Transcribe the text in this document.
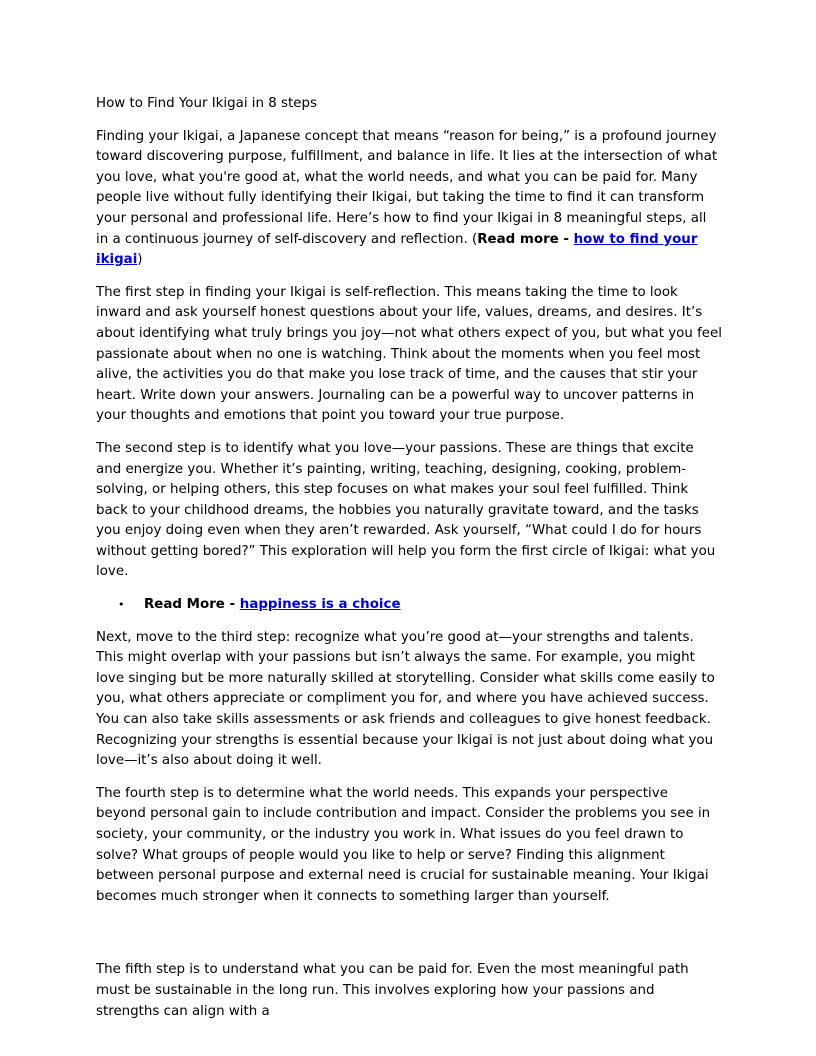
How to Find Your Ikigai in 8 steps

Finding your Ikigai, a Japanese concept that means “reason for being,” is a profound journey toward discovering purpose, fulfillment, and balance in life. It lies at the intersection of what you love, what you're good at, what the world needs, and what you can be paid for. Many people live without fully identifying their Ikigai, but taking the time to find it can transform your personal and professional life. Here’s how to find your Ikigai in 8 meaningful steps, all in a continuous journey of self-discovery and reflection. (Read more - how to find your ikigai)

The first step in finding your Ikigai is self-reflection. This means taking the time to look inward and ask yourself honest questions about your life, values, dreams, and desires. It’s about identifying what truly brings you joy—not what others expect of you, but what you feel passionate about when no one is watching. Think about the moments when you feel most alive, the activities you do that make you lose track of time, and the causes that stir your heart. Write down your answers. Journaling can be a powerful way to uncover patterns in your thoughts and emotions that point you toward your true purpose.

The second step is to identify what you love—your passions. These are things that excite and energize you. Whether it’s painting, writing, teaching, designing, cooking, problem-solving, or helping others, this step focuses on what makes your soul feel fulfilled. Think back to your childhood dreams, the hobbies you naturally gravitate toward, and the tasks you enjoy doing even when they aren’t rewarded. Ask yourself, “What could I do for hours without getting bored?” This exploration will help you form the first circle of Ikigai: what you love.

•	Read More - happiness is a choice

Next, move to the third step: recognize what you’re good at—your strengths and talents. This might overlap with your passions but isn’t always the same. For example, you might love singing but be more naturally skilled at storytelling. Consider what skills come easily to you, what others appreciate or compliment you for, and where you have achieved success. You can also take skills assessments or ask friends and colleagues to give honest feedback. Recognizing your strengths is essential because your Ikigai is not just about doing what you love—it’s also about doing it well.

The fourth step is to determine what the world needs. This expands your perspective beyond personal gain to include contribution and impact. Consider the problems you see in society, your community, or the industry you work in. What issues do you feel drawn to solve? What groups of people would you like to help or serve? Finding this alignment between personal purpose and external need is crucial for sustainable meaning. Your Ikigai becomes much stronger when it connects to something larger than yourself.

The fifth step is to understand what you can be paid for. Even the most meaningful path must be sustainable in the long run. This involves exploring how your passions and strengths can align with a
